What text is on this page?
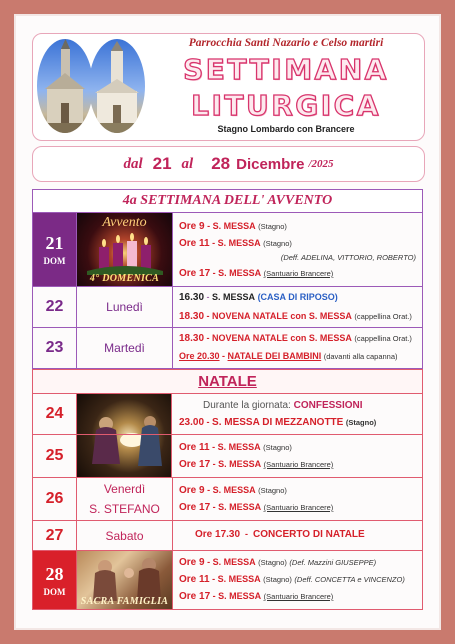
Parrocchia Santi Nazario e Celso martiri
SETTIMANA
LITURGICA
Stagno Lombardo con Brancere
dal 21 al 28 Dicembre /2025
4a SETTIMANA DELL' AVVENTO
21
DOM
Avvento
4° DOMENICA
Ore 9 - S. MESSA (Stagno)
Ore 11 - S. MESSA (Stagno)
(Deff. ADELINA, VITTORIO, ROBERTO)
Ore 17 - S. MESSA (Santuario Brancere)
22	Lunedì
16.30 - S. MESSA (CASA DI RIPOSO)
18.30 - NOVENA NATALE con S. MESSA (cappellina Orat.)
23	Martedì
18.30 - NOVENA NATALE con S. MESSA (cappellina Orat.)
Ore 20.30 - NATALE DEI BAMBINI (davanti alla capanna)
NATALE
24	Durante la giornata: CONFESSIONI
23.00 - S. MESSA DI MEZZANOTTE (Stagno)
25	Ore 11 - S. MESSA (Stagno)
Ore 17 - S. MESSA (Santuario Brancere)
26
Venerdì
S. STEFANO
Ore 9 - S. MESSA (Stagno)
Ore 17 - S. MESSA (Santuario Brancere)
27	Sabato	Ore 17.30  -  CONCERTO DI NATALE
28
DOM
SACRA FAMIGLIA
Ore 9 - S. MESSA (Stagno) (Def. Mazzini GIUSEPPE)
Ore 11 - S. MESSA (Stagno) (Deff. CONCETTA e VINCENZO)
Ore 17 - S. MESSA (Santuario Brancere)
